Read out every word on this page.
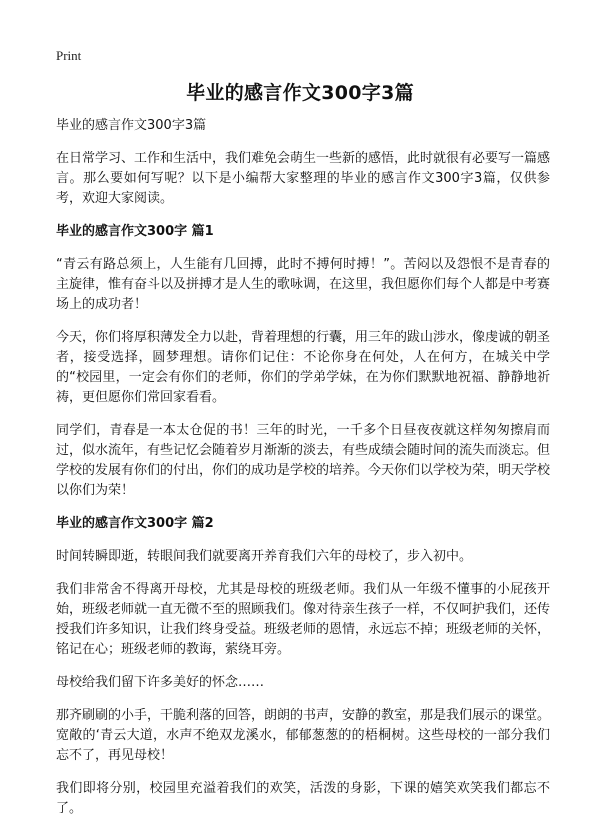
Print
毕业的感言作文300字3篇

毕业的感言作文300字3篇

在日常学习、工作和生活中，我们难免会萌生一些新的感悟，此时就很有必要写一篇感言。那么要如何写呢？以下是小编帮大家整理的毕业的感言作文300字3篇，仅供参考，欢迎大家阅读。

毕业的感言作文300字 篇1

“青云有路总须上，人生能有几回搏，此时不搏何时搏！”。苦闷以及怨恨不是青春的主旋律，惟有奋斗以及拼搏才是人生的歌咏调，在这里，我但愿你们每个人都是中考赛场上的成功者！

今天，你们将厚积薄发全力以赴，背着理想的行囊，用三年的跋山涉水，像虔诚的朝圣者，接受选择，圆梦理想。请你们记住：不论你身在何处，人在何方，在城关中学的“校园里，一定会有你们的老师，你们的学弟学妹，在为你们默默地祝福、静静地祈祷，更但愿你们常回家看看。

同学们，青春是一本太仓促的书！三年的时光，一千多个日昼夜夜就这样匆匆擦肩而过，似水流年，有些记忆会随着岁月渐渐的淡去，有些成绩会随时间的流失而淡忘。但学校的发展有你们的付出，你们的成功是学校的培养。今天你们以学校为荣，明天学校以你们为荣！

毕业的感言作文300字 篇2

时间转瞬即逝，转眼间我们就要离开养育我们六年的母校了，步入初中。

我们非常舍不得离开母校，尤其是母校的班级老师。我们从一年级不懂事的小屁孩开始，班级老师就一直无微不至的照顾我们。像对待亲生孩子一样，不仅呵护我们，还传授我们许多知识，让我们终身受益。班级老师的恩情，永远忘不掉；班级老师的关怀，铭记在心；班级老师的教诲，萦绕耳旁。

母校给我们留下许多美好的怀念……

那齐刷刷的小手，干脆利落的回答，朗朗的书声，安静的教室，那是我们展示的课堂。宽敞的‘青云大道，水声不绝双龙溪水，郁郁葱葱的的梧桐树。这些母校的一部分我们忘不了，再见母校！

我们即将分别，校园里充溢着我们的欢笑，活泼的身影，下课的嬉笑欢笑我们都忘不了。
